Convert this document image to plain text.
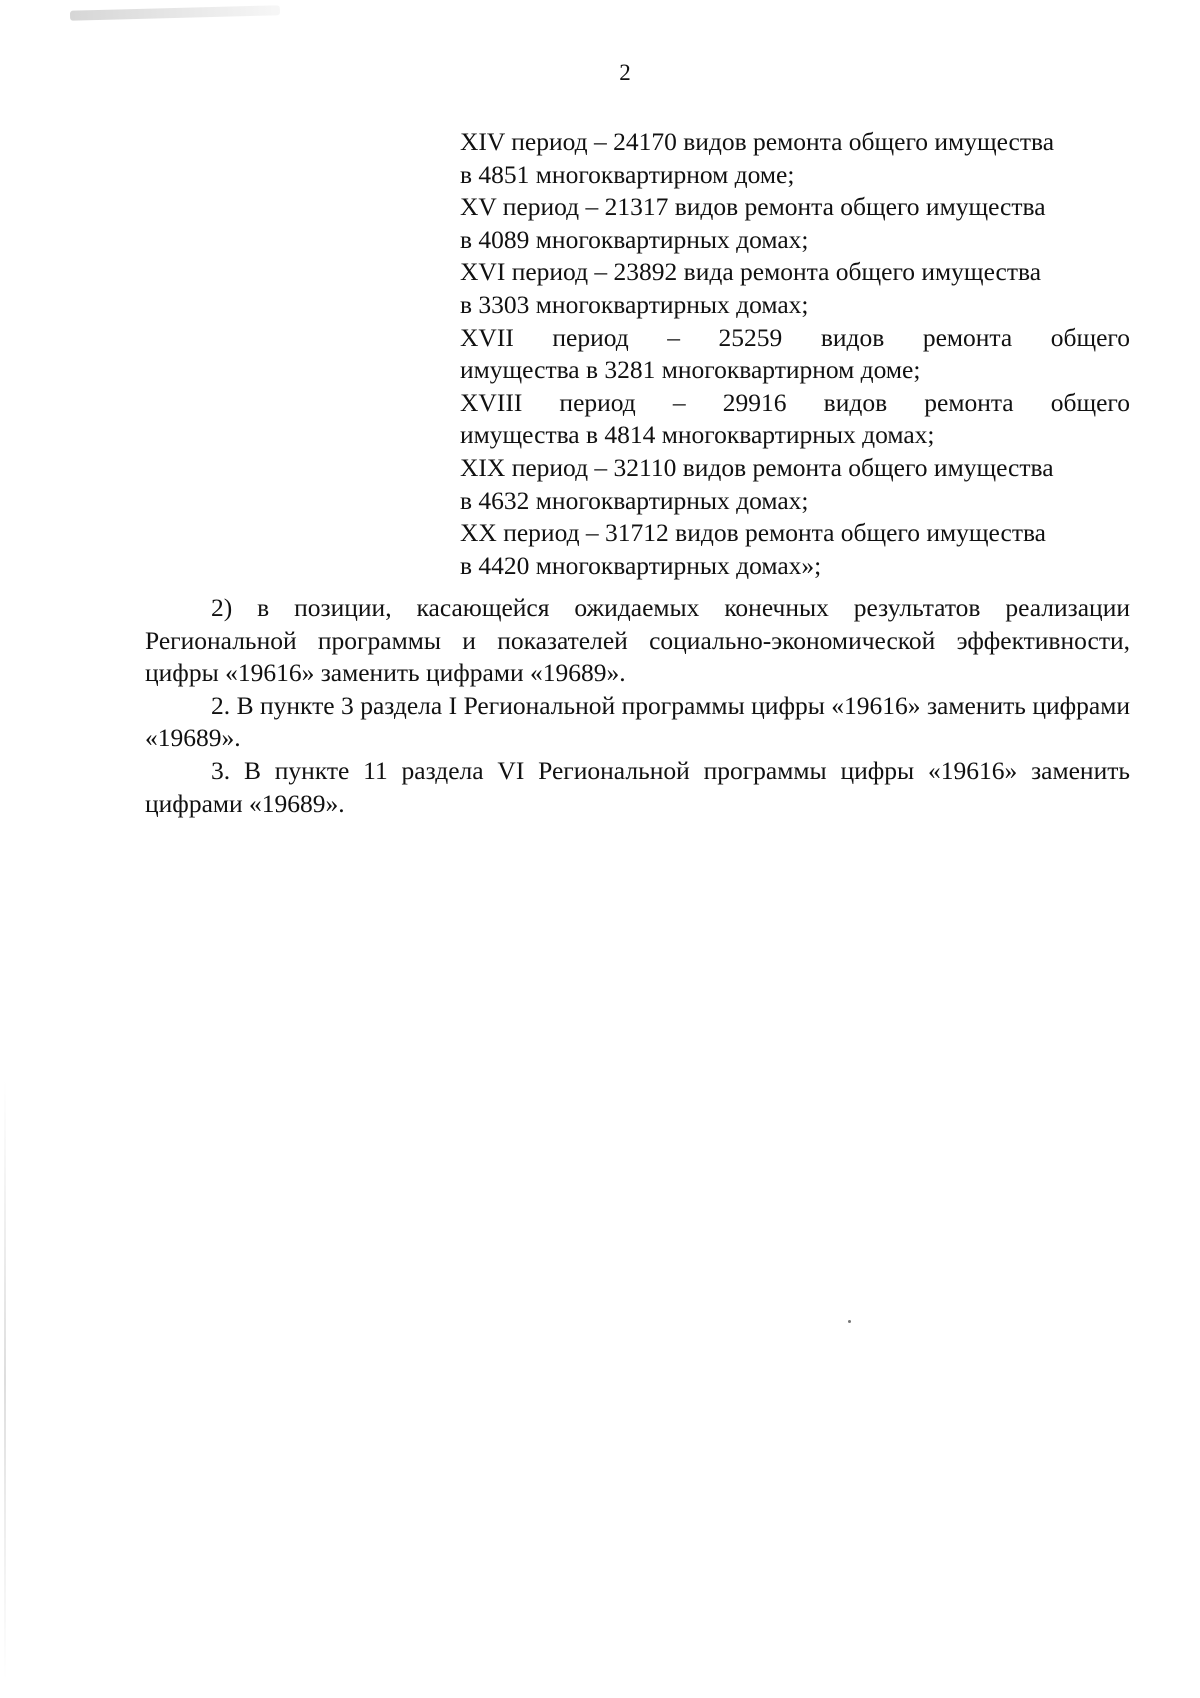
2

XIV период – 24170 видов ремонта общего имущества
в 4851 многоквартирном доме;

XV период – 21317 видов ремонта общего имущества
в 4089 многоквартирных домах;

XVI период – 23892 вида ремонта общего имущества
в 3303 многоквартирных домах;

XVII период – 25259 видов ремонта общего
имущества в 3281 многоквартирном доме;

XVIII период – 29916 видов ремонта общего
имущества в 4814 многоквартирных домах;

XIX период – 32110 видов ремонта общего имущества
в 4632 многоквартирных домах;

XX период – 31712 видов ремонта общего имущества
в 4420 многоквартирных домах»;

2) в позиции, касающейся ожидаемых конечных результатов реализации Региональной программы и показателей социально-экономической эффективности, цифры «19616» заменить цифрами «19689».

2. В пункте 3 раздела I Региональной программы цифры «19616» заменить цифрами «19689».

3. В пункте 11 раздела VI Региональной программы цифры «19616» заменить цифрами «19689».
